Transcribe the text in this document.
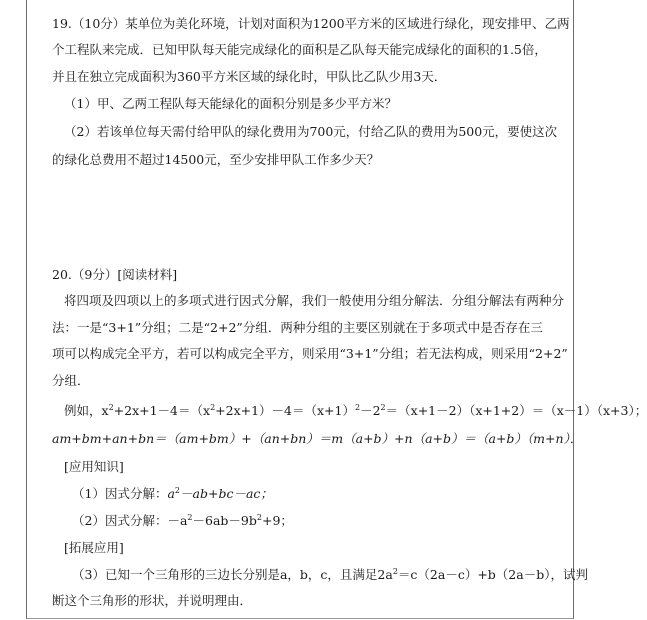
19.（10分）某单位为美化环境，计划对面积为1200平方米的区域进行绿化，现安排甲、乙两
个工程队来完成．已知甲队每天能完成绿化的面积是乙队每天能完成绿化的面积的1.5倍，
并且在独立完成面积为360平方米区域的绿化时，甲队比乙队少用3天．
（1）甲、乙两工程队每天能绿化的面积分别是多少平方米？
（2）若该单位每天需付给甲队的绿化费用为700元，付给乙队的费用为500元，要使这次
的绿化总费用不超过14500元，至少安排甲队工作多少天？
20.（9分）[阅读材料]
将四项及四项以上的多项式进行因式分解，我们一般使用分组分解法．分组分解法有两种分
法：一是“3+1”分组；二是“2+2”分组．两种分组的主要区别就在于多项式中是否存在三
项可以构成完全平方，若可以构成完全平方，则采用“3+1”分组；若无法构成，则采用“2+2”
分组．
例如，$x^2+2x+1-4=(x^2+2x+1)-4=(x+1)^2-2^2=(x+1-2)(x+1+2)=(x-1)(x+3)$；
am+bm+an+bn＝（am+bm）+（an+bn）＝m（a+b）+n（a+b）＝（a+b）（m+n）．
[应用知识]
（1）因式分解：$a^2-ab+bc-ac$；
（2）因式分解：$-a^2-6ab-9b^2+9$；
[拓展应用]
（3）已知一个三角形的三边长分别是a，b，c，且满足$2a^2=c(2a-c)+b(2a-b)$，试判
断这个三角形的形状，并说明理由．
